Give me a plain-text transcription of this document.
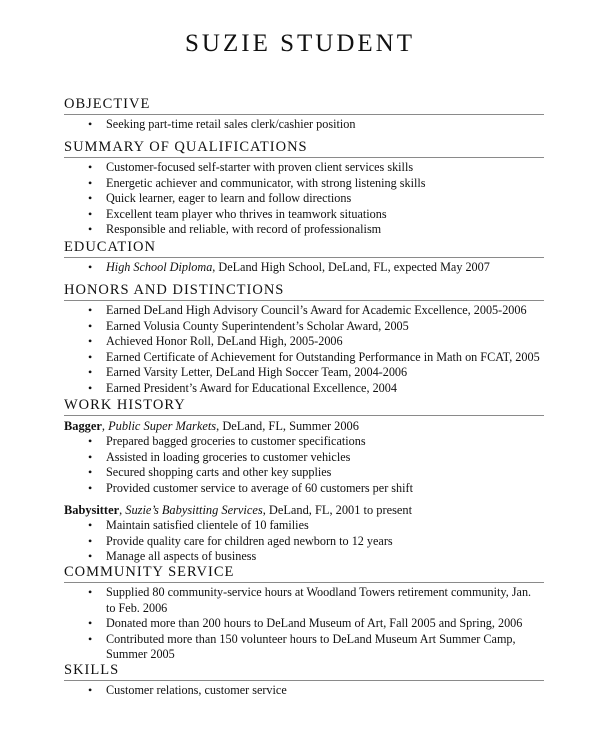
SUZIE STUDENT
OBJECTIVE
• Seeking part-time retail sales clerk/cashier position
SUMMARY OF QUALIFICATIONS
• Customer-focused self-starter with proven client services skills
• Energetic achiever and communicator, with strong listening skills
• Quick learner, eager to learn and follow directions
• Excellent team player who thrives in teamwork situations
• Responsible and reliable, with record of professionalism
EDUCATION
• High School Diploma, DeLand High School, DeLand, FL, expected May 2007
HONORS AND DISTINCTIONS
• Earned DeLand High Advisory Council’s Award for Academic Excellence, 2005-2006
• Earned Volusia County Superintendent’s Scholar Award, 2005
• Achieved Honor Roll, DeLand High, 2005-2006
• Earned Certificate of Achievement for Outstanding Performance in Math on FCAT, 2005
• Earned Varsity Letter, DeLand High Soccer Team, 2004-2006
• Earned President’s Award for Educational Excellence, 2004
WORK HISTORY
Bagger, Public Super Markets, DeLand, FL, Summer 2006
• Prepared bagged groceries to customer specifications
• Assisted in loading groceries to customer vehicles
• Secured shopping carts and other key supplies
• Provided customer service to average of 60 customers per shift
Babysitter, Suzie’s Babysitting Services, DeLand, FL, 2001 to present
• Maintain satisfied clientele of 10 families
• Provide quality care for children aged newborn to 12 years
• Manage all aspects of business
COMMUNITY SERVICE
• Supplied 80 community-service hours at Woodland Towers retirement community, Jan. to Feb. 2006
• Donated more than 200 hours to DeLand Museum of Art, Fall 2005 and Spring, 2006
• Contributed more than 150 volunteer hours to DeLand Museum Art Summer Camp, Summer 2005
SKILLS
• Customer relations, customer service
